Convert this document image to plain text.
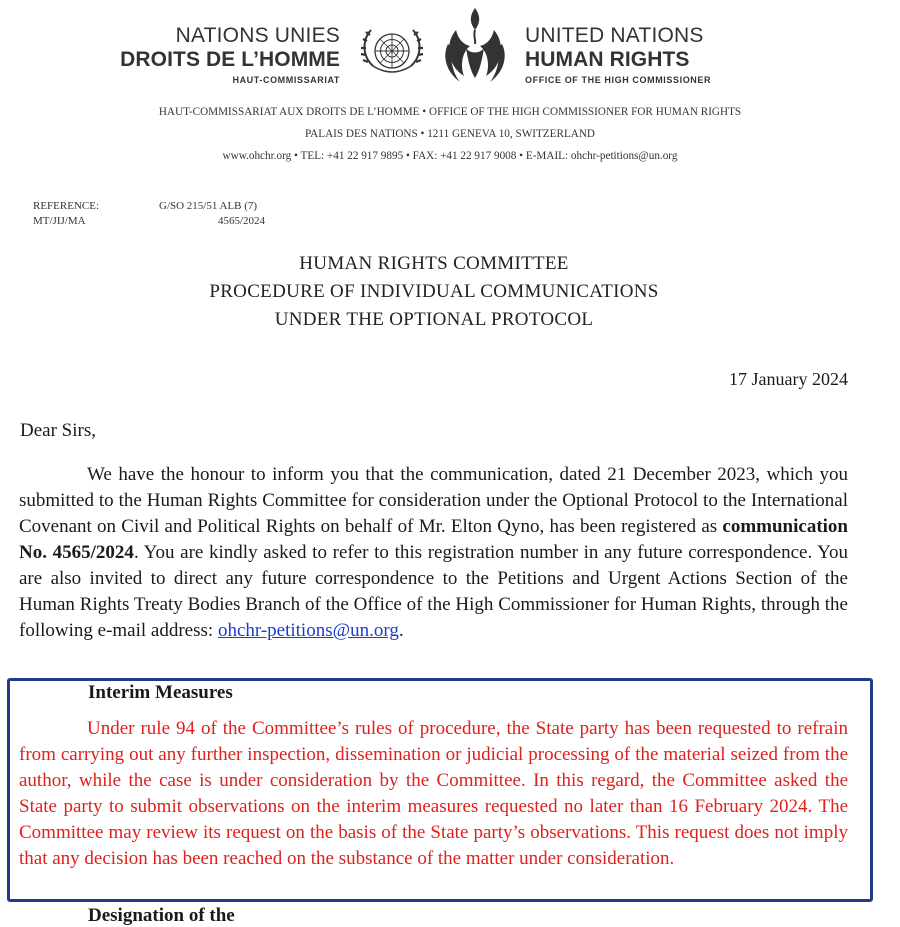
NATIONS UNIES
DROITS DE L’HOMME
HAUT-COMMISSARIAT
UNITED NATIONS
HUMAN RIGHTS
OFFICE OF THE HIGH COMMISSIONER
HAUT-COMMISSARIAT AUX DROITS DE L’HOMME • OFFICE OF THE HIGH COMMISSIONER FOR HUMAN RIGHTS
PALAIS DES NATIONS • 1211 GENEVA 10, SWITZERLAND
www.ohchr.org • TEL: +41 22 917 9895 • FAX: +41 22 917 9008 • E-MAIL: ohchr-petitions@un.org
REFERENCE:	G/SO 215/51 ALB (7)
MT/JIJ/MA	4565/2024
HUMAN RIGHTS COMMITTEE
PROCEDURE OF INDIVIDUAL COMMUNICATIONS
UNDER THE OPTIONAL PROTOCOL
17 January 2024
Dear Sirs,

We have the honour to inform you that the communication, dated 21 December 2023, which you submitted to the Human Rights Committee for consideration under the Optional Protocol to the International Covenant on Civil and Political Rights on behalf of Mr. Elton Qyno, has been registered as communication No. 4565/2024. You are kindly asked to refer to this registration number in any future correspondence. You are also invited to direct any future correspondence to the Petitions and Urgent Actions Section of the Human Rights Treaty Bodies Branch of the Office of the High Commissioner for Human Rights, through the following e-mail address: ohchr-petitions@un.org.

Interim Measures

Under rule 94 of the Committee’s rules of procedure, the State party has been requested to refrain from carrying out any further inspection, dissemination or judicial processing of the material seized from the author, while the case is under consideration by the Committee. In this regard, the Committee asked the State party to submit observations on the interim measures requested no later than 16 February 2024. The Committee may review its request on the basis of the State party’s observations. This request does not imply that any decision has been reached on the substance of the matter under consideration.

Designation of the
